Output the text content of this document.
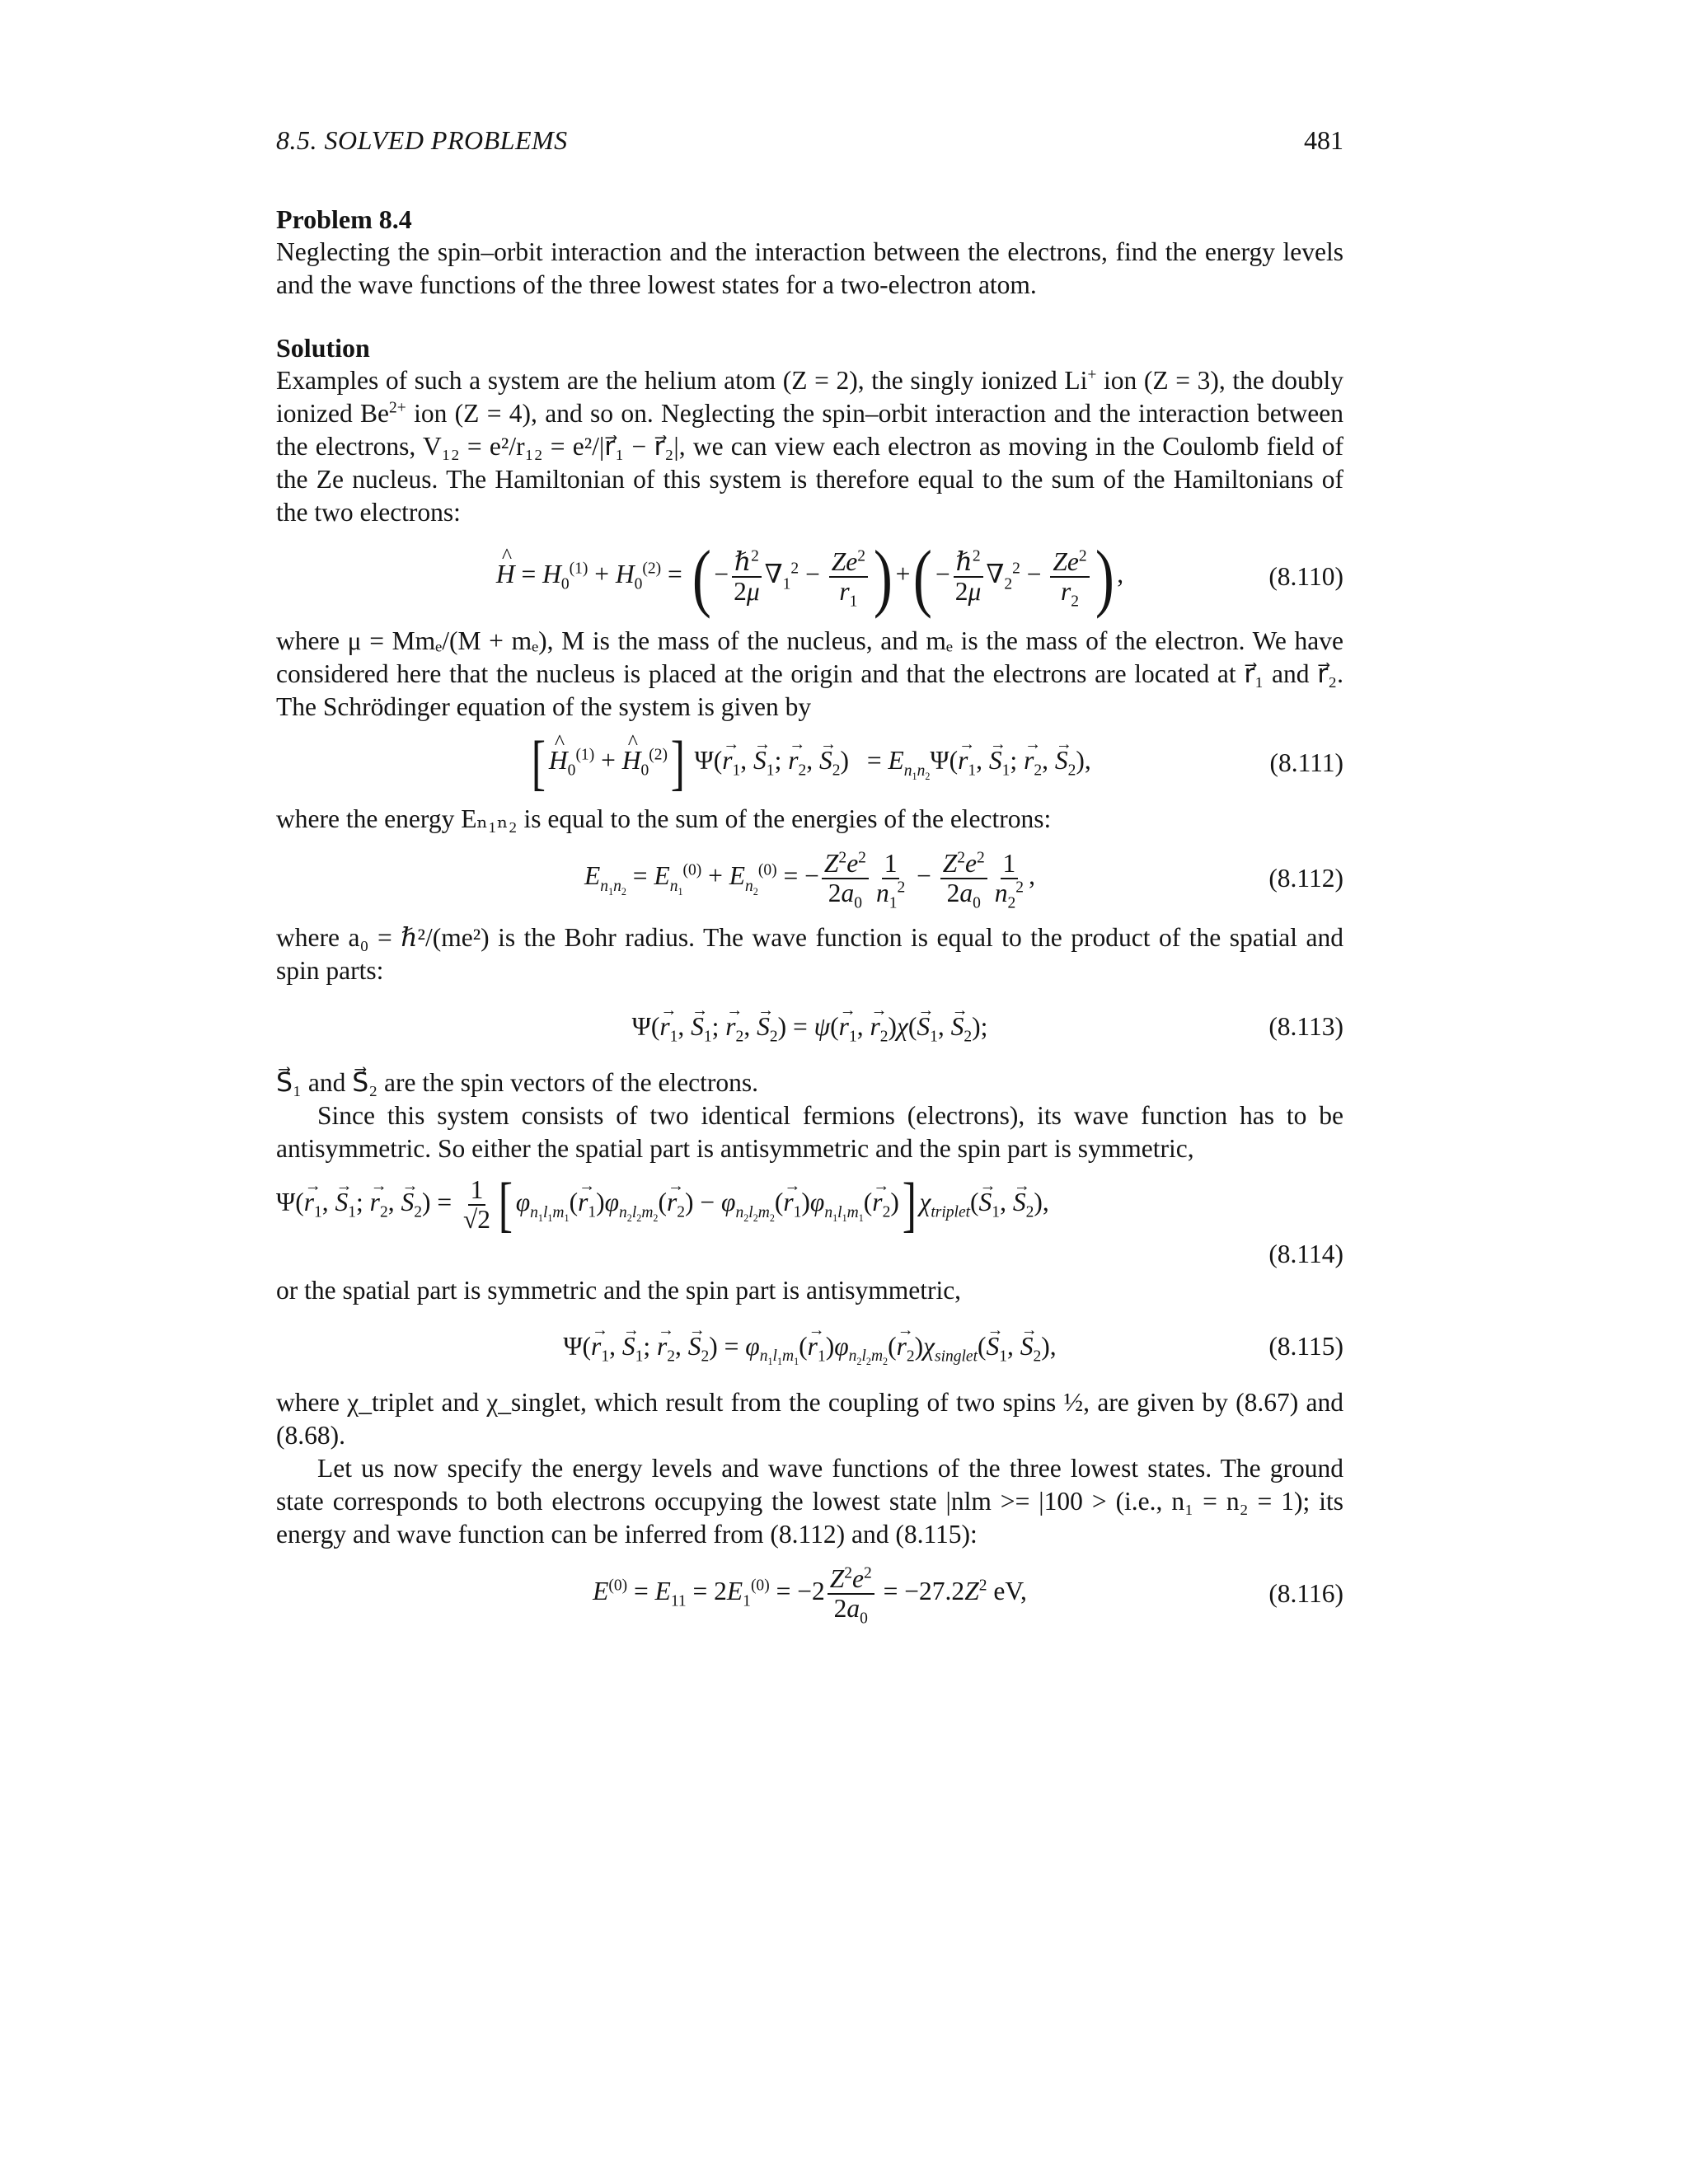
8.5. SOLVED PROBLEMS	481
Problem 8.4

Neglecting the spin–orbit interaction and the interaction between the electrons, find the energy levels and the wave functions of the three lowest states for a two-electron atom.

Solution

Examples of such a system are the helium atom (Z = 2), the singly ionized Li+ ion (Z = 3), the doubly ionized $Be^{2+}$ ion (Z = 4), and so on. Neglecting the spin–orbit interaction and the interaction between the electrons, V₁₂ = e²/r₁₂ = e²/|r⃗₁ − r⃗₂|, we can view each electron as moving in the Coulomb field of the Ze nucleus. The Hamiltonian of this system is therefore equal to the sum of the Hamiltonians of the two electrons:

^ $H = H_0^{(1)} + H_0^{(2)}$ = ( − $\frac{\hbar^2}{2\mu} \nabla_1^2 - \frac{Ze^2}{r_1}$ ) +( − $\frac{\hbar^2}{2\mu} \nabla_2^2 - \frac{Ze^2}{r_2}$ ) ,	(8.110)

where μ = Mmₑ/(M + mₑ), M is the mass of the nucleus, and mₑ is the mass of the electron. We have considered here that the nucleus is placed at the origin and that the electrons are located at r⃗₁ and r⃗₂. The Schrödinger equation of the system is given by

[^ $H_0^{(1)}$ + ^ $H_0^{(2)}$] $\Psi(\to r_1$, → $S_1$; → $r_2$, → $S_2) = E_{n_1n_2}\Psi(\to r_1$, → $S_1$; → $r_2$, → $S_2$),	(8.111)

where the energy Eₙ₁ₙ₂ is equal to the sum of the energies of the electrons:

$E_{n_1n_2} = E_{n_1}^{(0)} + E_{n_2}^{(0)}$ = − $\frac{Z^2e^2}{2a_0} \frac{1}{n_1^2} - \frac{Z^2e^2}{2a_0} \frac{1}{n_2^2}$ ,	(8.112)

where a₀ = ℏ²/(me²) is the Bohr radius. The wave function is equal to the product of the spatial and spin parts:

$\Psi(\to r_1$, → $S_1$; → $r_2$, → $S_2) = \psi(\to r_1$, → $r_2)\chi(\to S_1$, → $S_2$);	(8.113)

S⃗₁ and S⃗₂ are the spin vectors of the electrons.

Since this system consists of two identical fermions (electrons), its wave function has to be antisymmetric. So either the spatial part is antisymmetric and the spin part is symmetric,

$\Psi(\to r_1$, → $S_1$; → $r_2$, → $S_2) = \frac{1}{√2}$ [ $\varphi_{n_1l_1m_1}(\to r_1)\varphi_{n_2l_2m_2}(\to r_2) - \varphi_{n_2l_2m_2}(\to r_1)\varphi_{n_1l_1m_1}(\to r_2)$] $\chi_{triplet}(\to S_1$, → $S_2$),
(8.114)

or the spatial part is symmetric and the spin part is antisymmetric,

$\Psi(\to r_1$, → $S_1$; → $r_2$, → $S_2) = \varphi_{n_1l_1m_1}(\to r_1)\varphi_{n_2l_2m_2}(\to r_2)\chi_{singlet}(\to S_1$, → $S_2$),	(8.115)

where χ_triplet and χ_singlet, which result from the coupling of two spins ½, are given by (8.67) and (8.68).

Let us now specify the energy levels and wave functions of the three lowest states. The ground state corresponds to both electrons occupying the lowest state |nlm >= |100 > (i.e., n₁ = n₂ = 1); its energy and wave function can be inferred from (8.112) and (8.115):

$E^{(0)} = E_{11} = 2E_1^{(0)} = -2 \frac{Z^2e^2}{2a_0} = -27.2Z^2$ eV,	(8.116)
